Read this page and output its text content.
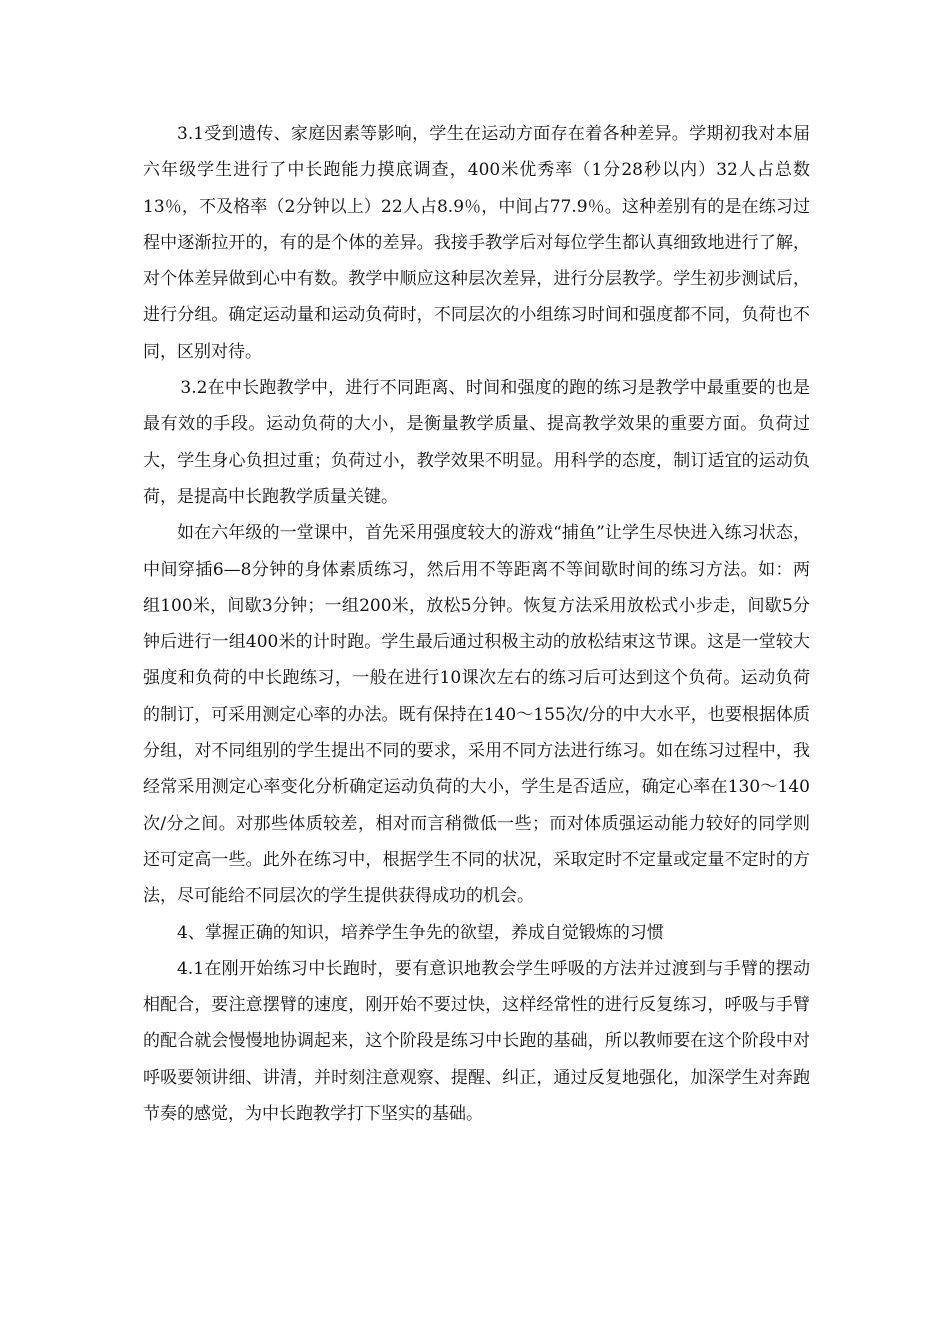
3.1受到遗传、家庭因素等影响，学生在运动方面存在着各种差异。学期初我对本届六年级学生进行了中长跑能力摸底调查，400米优秀率（1分28秒以内）32人占总数13％，不及格率（2分钟以上）22人占8.9％，中间占77.9％。这种差别有的是在练习过程中逐渐拉开的，有的是个体的差异。我接手教学后对每位学生都认真细致地进行了解，对个体差异做到心中有数。教学中顺应这种层次差异，进行分层教学。学生初步测试后，进行分组。确定运动量和运动负荷时，不同层次的小组练习时间和强度都不同，负荷也不同，区别对待。

3.2在中长跑教学中，进行不同距离、时间和强度的跑的练习是教学中最重要的也是最有效的手段。运动负荷的大小，是衡量教学质量、提高教学效果的重要方面。负荷过大，学生身心负担过重；负荷过小，教学效果不明显。用科学的态度，制订适宜的运动负荷，是提高中长跑教学质量关键。

如在六年级的一堂课中，首先采用强度较大的游戏“捕鱼”让学生尽快进入练习状态，中间穿插6—8分钟的身体素质练习，然后用不等距离不等间歇时间的练习方法。如：两组100米，间歇3分钟；一组200米，放松5分钟。恢复方法采用放松式小步走，间歇5分钟后进行一组400米的计时跑。学生最后通过积极主动的放松结束这节课。这是一堂较大强度和负荷的中长跑练习，一般在进行10课次左右的练习后可达到这个负荷。运动负荷的制订，可采用测定心率的办法。既有保持在140～155次/分的中大水平，也要根据体质分组，对不同组别的学生提出不同的要求，采用不同方法进行练习。如在练习过程中，我经常采用测定心率变化分析确定运动负荷的大小，学生是否适应，确定心率在130～140次/分之间。对那些体质较差，相对而言稍微低一些；而对体质强运动能力较好的同学则还可定高一些。此外在练习中，根据学生不同的状况，采取定时不定量或定量不定时的方法，尽可能给不同层次的学生提供获得成功的机会。

4、掌握正确的知识，培养学生争先的欲望，养成自觉锻炼的习惯

4.1在刚开始练习中长跑时，要有意识地教会学生呼吸的方法并过渡到与手臂的摆动相配合，要注意摆臂的速度，刚开始不要过快，这样经常性的进行反复练习，呼吸与手臂的配合就会慢慢地协调起来，这个阶段是练习中长跑的基础，所以教师要在这个阶段中对呼吸要领讲细、讲清，并时刻注意观察、提醒、纠正，通过反复地强化，加深学生对奔跑节奏的感觉，为中长跑教学打下坚实的基础。
